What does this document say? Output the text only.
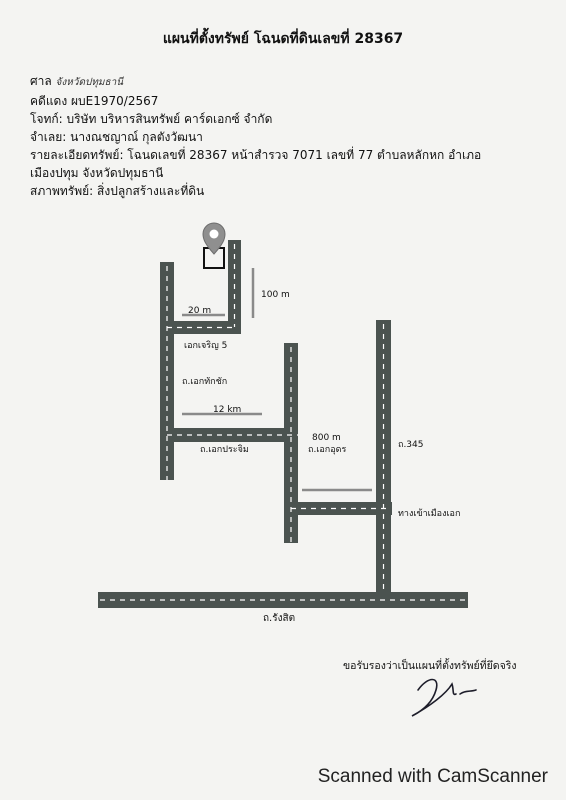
แผนที่ตั้งทรัพย์ โฉนดที่ดินเลขที่ 28367
ศาล จังหวัดปทุมธานี
คดีแดง ผบE1970/2567
โจทก์: บริษัท บริหารสินทรัพย์ คาร์ดเอกซ์ จำกัด
จำเลย: นางณชญาณ์ กุลตังวัฒนา
รายละเอียดทรัพย์: โฉนดเลขที่ 28367 หน้าสำรวจ 7071 เลขที่ 77 ตำบลหลักหก อำเภอ
เมืองปทุม จังหวัดปทุมธานี
สภาพทรัพย์: สิ่งปลูกสร้างและที่ดิน
100 m
20 m
เอกเจริญ 5
ถ.เอกทักชัก
12 km
ถ.เอกประจิม
800 m
ถ.เอกอุดร	ถ.345
ทางเข้าเมืองเอก
ถ.รังสิต
ขอรับรองว่าเป็นแผนที่ตั้งทรัพย์ที่ยึดจริง
Scanned with CamScanner
